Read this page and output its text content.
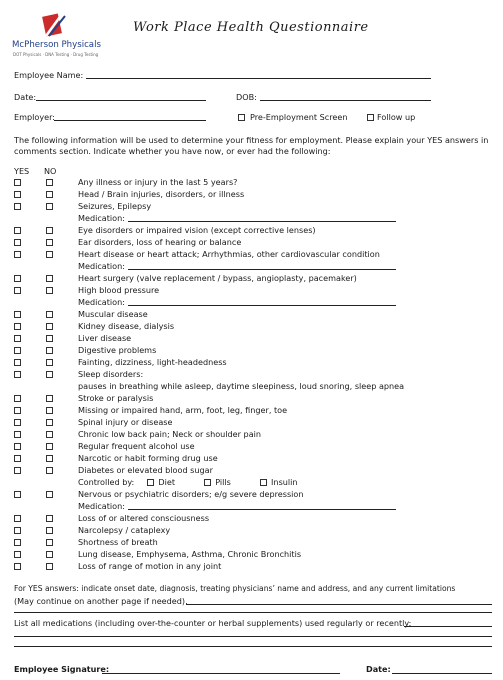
McPherson Physicals
DOT Physicals · DNA Testing · Drug Testing
Work Place Health Questionnaire
Employee Name:
Date:	DOB:
Employer:	Pre-Employment Screen	Follow up
The following information will be used to determine your fitness for employment. Please explain your YES answers in
comments section. Indicate whether you have now, or ever had the following:
YES NO
Any illness or injury in the last 5 years?
Head / Brain injuries, disorders, or illness
Seizures, Epilepsy
Medication:
Eye disorders or impaired vision (except corrective lenses)
Ear disorders, loss of hearing or balance
Heart disease or heart attack; Arrhythmias, other cardiovascular condition
Medication:
Heart surgery (valve replacement / bypass, angioplasty, pacemaker)
High blood pressure
Medication:
Muscular disease
Kidney disease, dialysis
Liver disease
Digestive problems
Fainting, dizziness, light-headedness
Sleep disorders:
pauses in breathing while asleep, daytime sleepiness, loud snoring, sleep apnea
Stroke or paralysis
Missing or impaired hand, arm, foot, leg, finger, toe
Spinal injury or disease
Chronic low back pain; Neck or shoulder pain
Regular frequent alcohol use
Narcotic or habit forming drug use
Diabetes or elevated blood sugar
Controlled by:	Diet	Pills	Insulin
Nervous or psychiatric disorders; e/g severe depression
Medication:
Loss of or altered consciousness
Narcolepsy / cataplexy
Shortness of breath
Lung disease, Emphysema, Asthma, Chronic Bronchitis
Loss of range of motion in any joint
For YES answers: indicate onset date, diagnosis, treating physicians’ name and address, and any current limitations
(May continue on another page if needed).
List all medications (including over-the-counter or herbal supplements) used regularly or recently:
Employee Signature:	Date:
